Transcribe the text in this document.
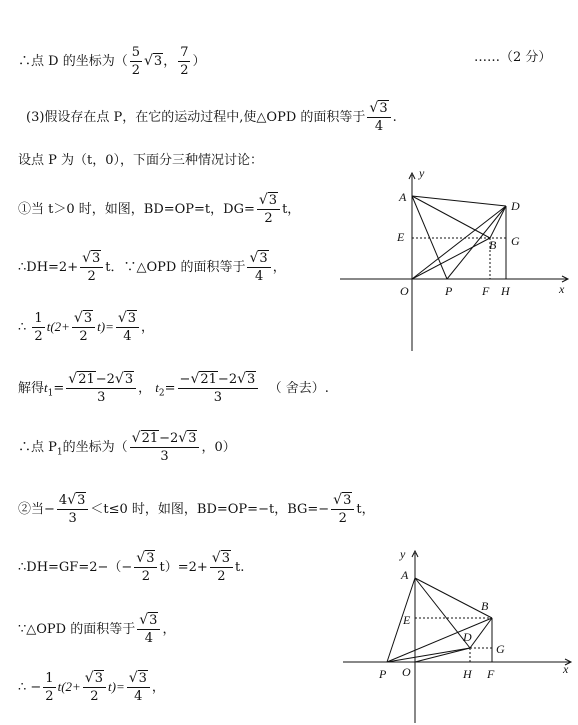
∴点 D 的坐标为（ $\frac{5}{2} √3$， $\frac{7}{2}$ ）	……（2 分）
(3)假设存在点 P，在它的运动过程中,使△OPD 的面积等于 $\frac{√3}{4}$ .
设点 P 为（t，0），下面分三种情况讨论：
①当 t＞0 时，如图，BD=OP=t，$DG= \frac{√3}{2}$ t，
∴DH=2+ $\frac{√3}{2}$ t．∵△OPD 的面积等于 $\frac{√3}{4}$ ，
∴ $\frac{1}{2} t(2+ \frac{√3}{2} t)= \frac{√3}{4}$ ，
解得$t_1= \frac{√21-2√3}{3}$ ， $t_2= \frac{-√21-2√3}{3}$ （ 舍去）.
∴点 $P_1$的坐标为（ $\frac{√21-2√3}{3}$ ，0）
②当− $\frac{4√3}{3} <t\le 0$ 时，如图，BD=OP=−t，$BG=- \frac{√3}{2}$ t，
∴DH=GF=2−（− $\frac{√3}{2} t)=2+ \frac{√3}{2} t$.
∵△OPD 的面积等于 $\frac{√3}{4}$ ，
∴ − $\frac{1}{2} t(2+ \frac{√3}{2} t)= \frac{√3}{4}$ ，
y
x
A
D
E
B G
O	P F H
y
x
A
B
E
D
G
P O	H F
